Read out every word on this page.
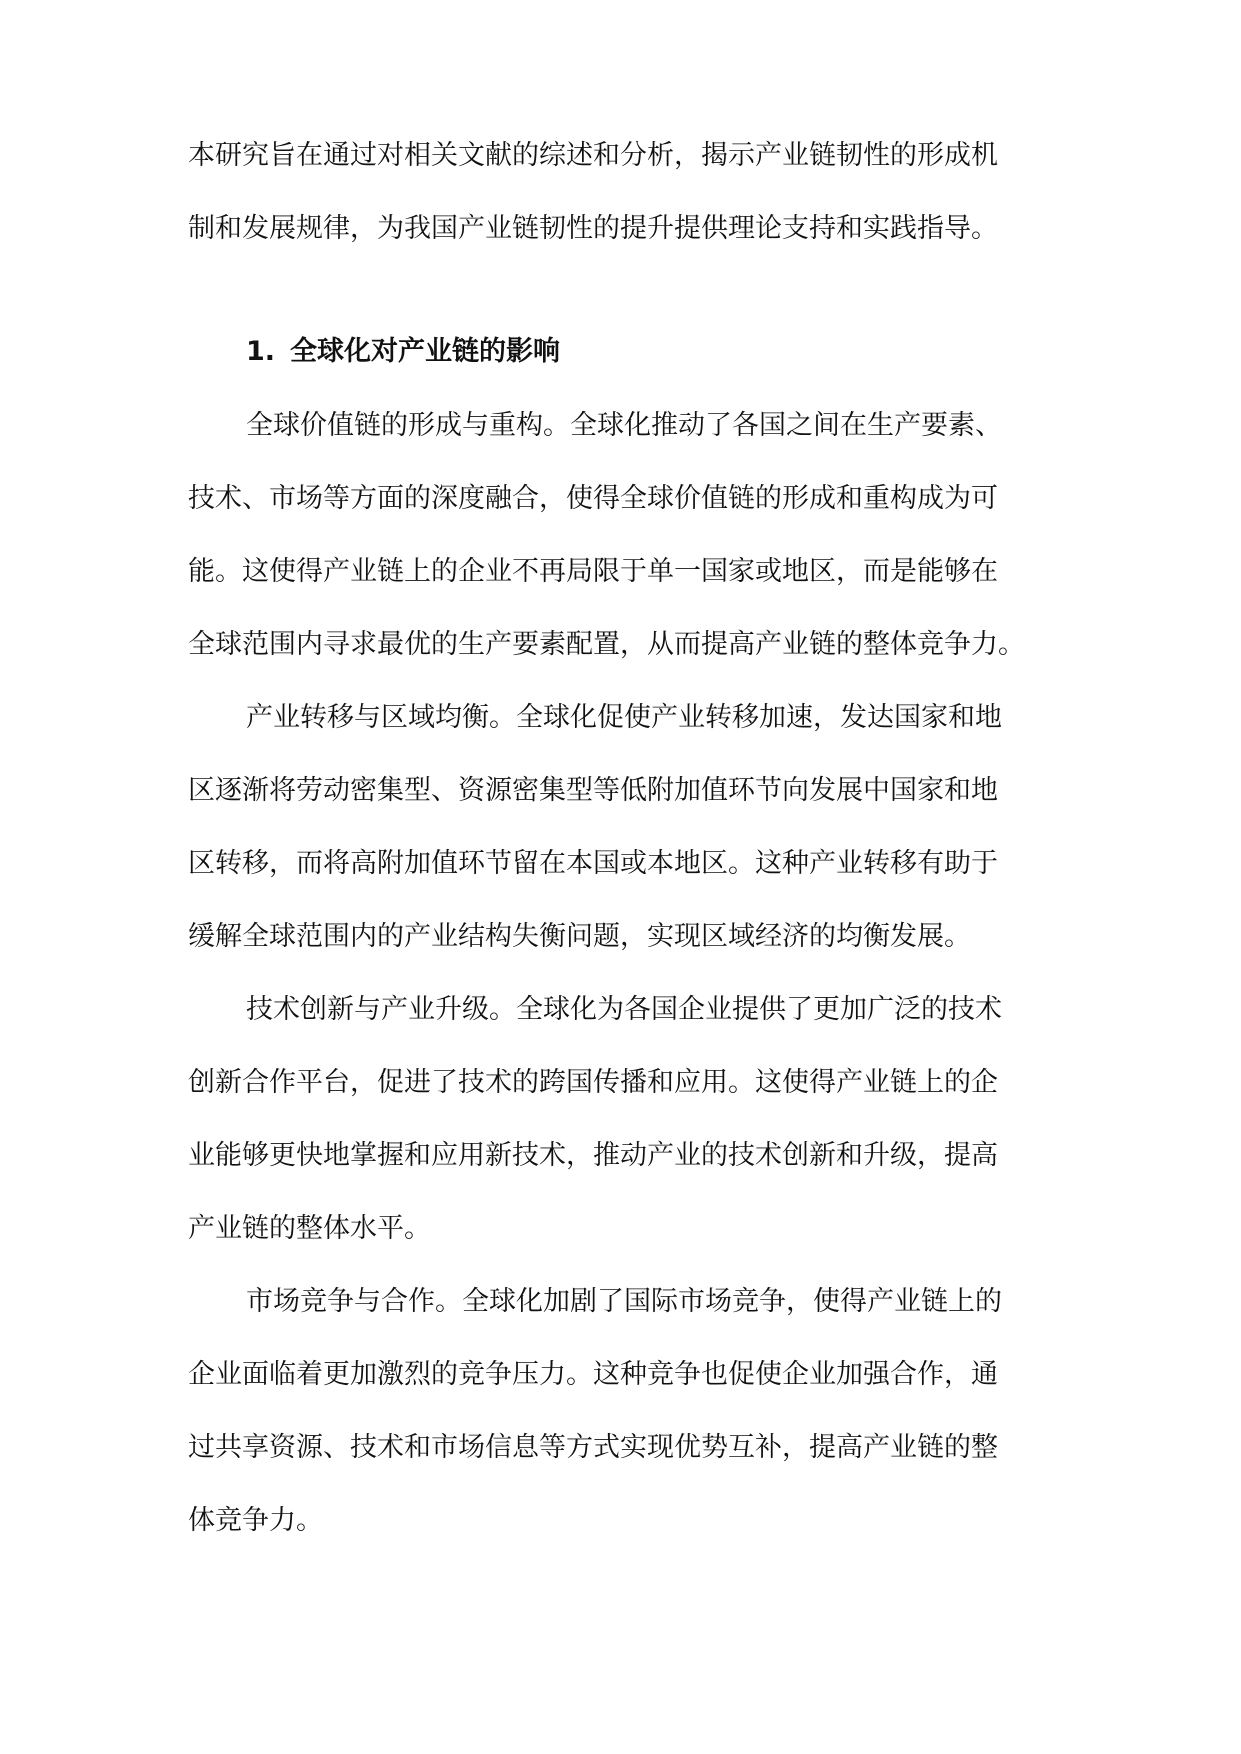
本研究旨在通过对相关文献的综述和分析，揭示产业链韧性的形成机

制和发展规律，为我国产业链韧性的提升提供理论支持和实践指导。

1. 全球化对产业链的影响

全球价值链的形成与重构。全球化推动了各国之间在生产要素、

技术、市场等方面的深度融合，使得全球价值链的形成和重构成为可

能。这使得产业链上的企业不再局限于单一国家或地区，而是能够在

全球范围内寻求最优的生产要素配置，从而提高产业链的整体竞争力。

产业转移与区域均衡。全球化促使产业转移加速，发达国家和地

区逐渐将劳动密集型、资源密集型等低附加值环节向发展中国家和地

区转移，而将高附加值环节留在本国或本地区。这种产业转移有助于

缓解全球范围内的产业结构失衡问题，实现区域经济的均衡发展。

技术创新与产业升级。全球化为各国企业提供了更加广泛的技术

创新合作平台，促进了技术的跨国传播和应用。这使得产业链上的企

业能够更快地掌握和应用新技术，推动产业的技术创新和升级，提高

产业链的整体水平。

市场竞争与合作。全球化加剧了国际市场竞争，使得产业链上的

企业面临着更加激烈的竞争压力。这种竞争也促使企业加强合作，通

过共享资源、技术和市场信息等方式实现优势互补，提高产业链的整

体竞争力。
